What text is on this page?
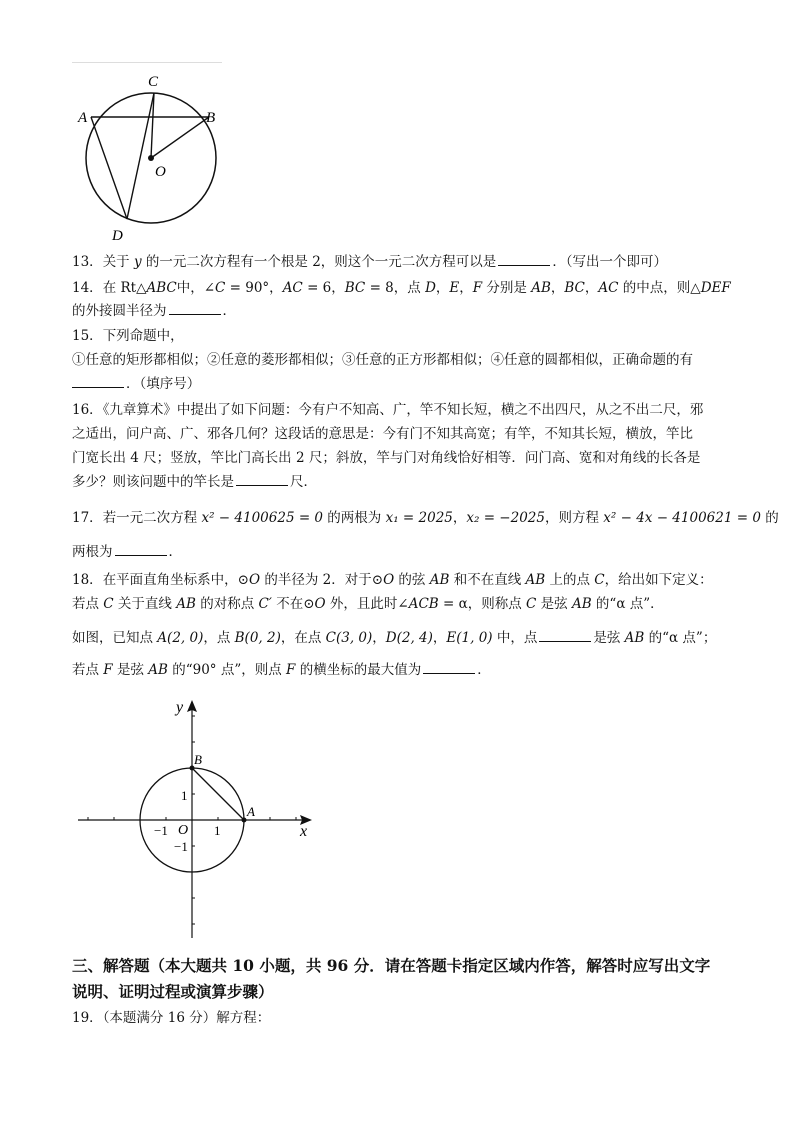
C
A	B
O
D
13．关于 y 的一元二次方程有一个根是 2，则这个一元二次方程可以是	．（写出一个即可）
14．在 Rt△ABC中，∠C = 90°，AC = 6，BC = 8，点 D，E，F 分别是 AB，BC，AC 的中点，则△DEF
的外接圆半径为	．
15．下列命题中，
①任意的矩形都相似；②任意的菱形都相似；③任意的正方形都相似；④任意的圆都相似，正确命题的有
．（填序号）
16．《九章算术》中提出了如下问题：今有户不知高、广，竿不知长短，横之不出四尺，从之不出二尺，邪
之适出，问户高、广、邪各几何？这段话的意思是：今有门不知其高宽；有竿，不知其长短，横放，竿比
门宽长出 4 尺；竖放，竿比门高长出 2 尺；斜放，竿与门对角线恰好相等．问门高、宽和对角线的长各是
多少？则该问题中的竿长是	尺．
17．若一元二次方程 x² − 4100625 = 0 的两根为 x₁ = 2025，x₂ = −2025，则方程 x² − 4x − 4100621 = 0 的
两根为	．
18．在平面直角坐标系中，⊙O 的半径为 2．对于⊙O 的弦 AB 和不在直线 AB 上的点 C，给出如下定义：
若点 C 关于直线 AB 的对称点 C′ 不在⊙O 外，且此时∠ACB = α，则称点 C 是弦 AB 的“α 点”．
如图，已知点 A(2, 0)，点 B(0, 2)，在点 C(3, 0)，D(2, 4)，E(1, 0) 中，点	是弦 AB 的“α 点”；
若点 F 是弦 AB 的“90° 点”，则点 F 的横坐标的最大值为	．
y
x
B
A
O
1
−1
−1	1
三、解答题（本大题共 10 小题，共 96 分．请在答题卡指定区域内作答，解答时应写出文字
说明、证明过程或演算步骤）
19．（本题满分 16 分）解方程：
